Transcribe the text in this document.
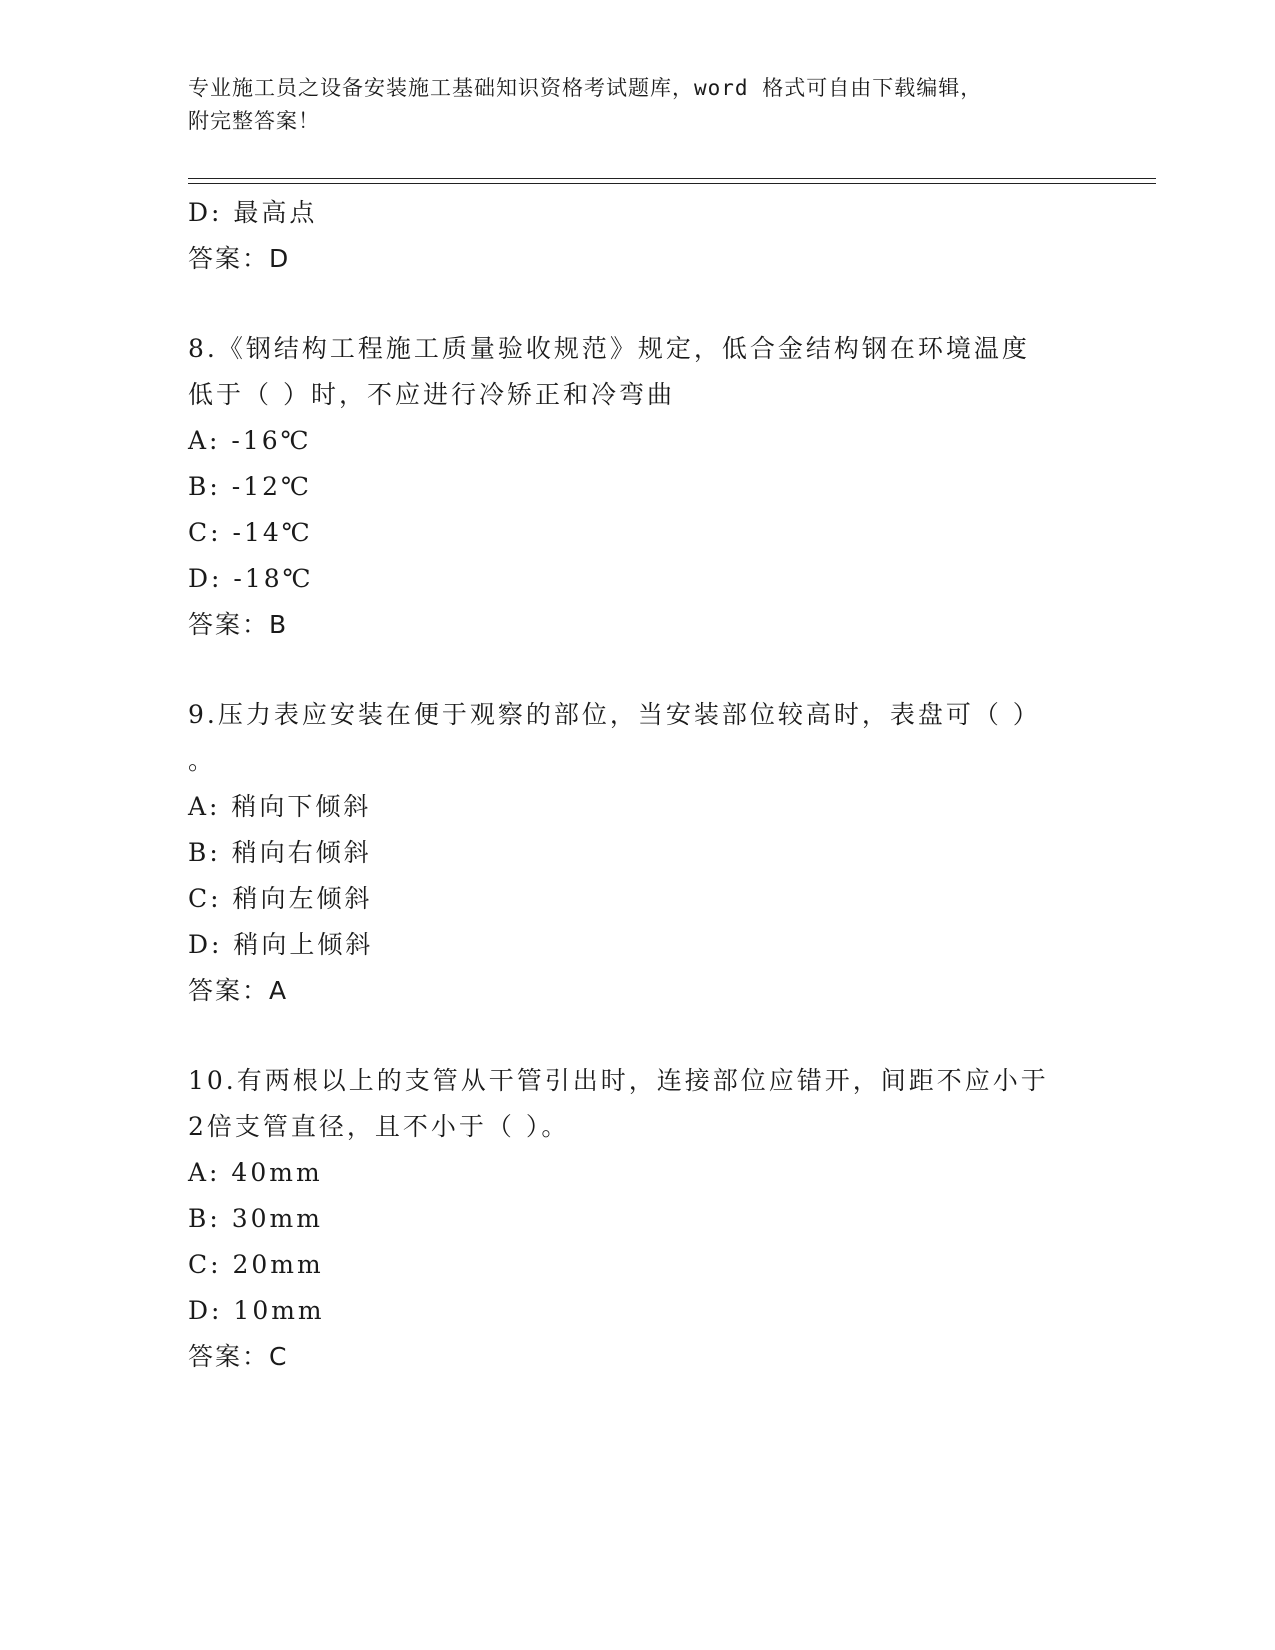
专业施工员之设备安装施工基础知识资格考试题库，word 格式可自由下载编辑，
附完整答案！
D: 最高点
答案：D
8.《钢结构工程施工质量验收规范》规定，低合金结构钢在环境温度
低于（ ）时，不应进行冷矫正和冷弯曲
A: -16℃
B: -12℃
C: -14℃
D: -18℃
答案：B
9.压力表应安装在便于观察的部位，当安装部位较高时，表盘可（ ）
。
A: 稍向下倾斜
B: 稍向右倾斜
C: 稍向左倾斜
D: 稍向上倾斜
答案：A
10.有两根以上的支管从干管引出时，连接部位应错开，间距不应小于
2倍支管直径，且不小于（ ）。
A: 40mm
B: 30mm
C: 20mm
D: 10mm
答案：C
